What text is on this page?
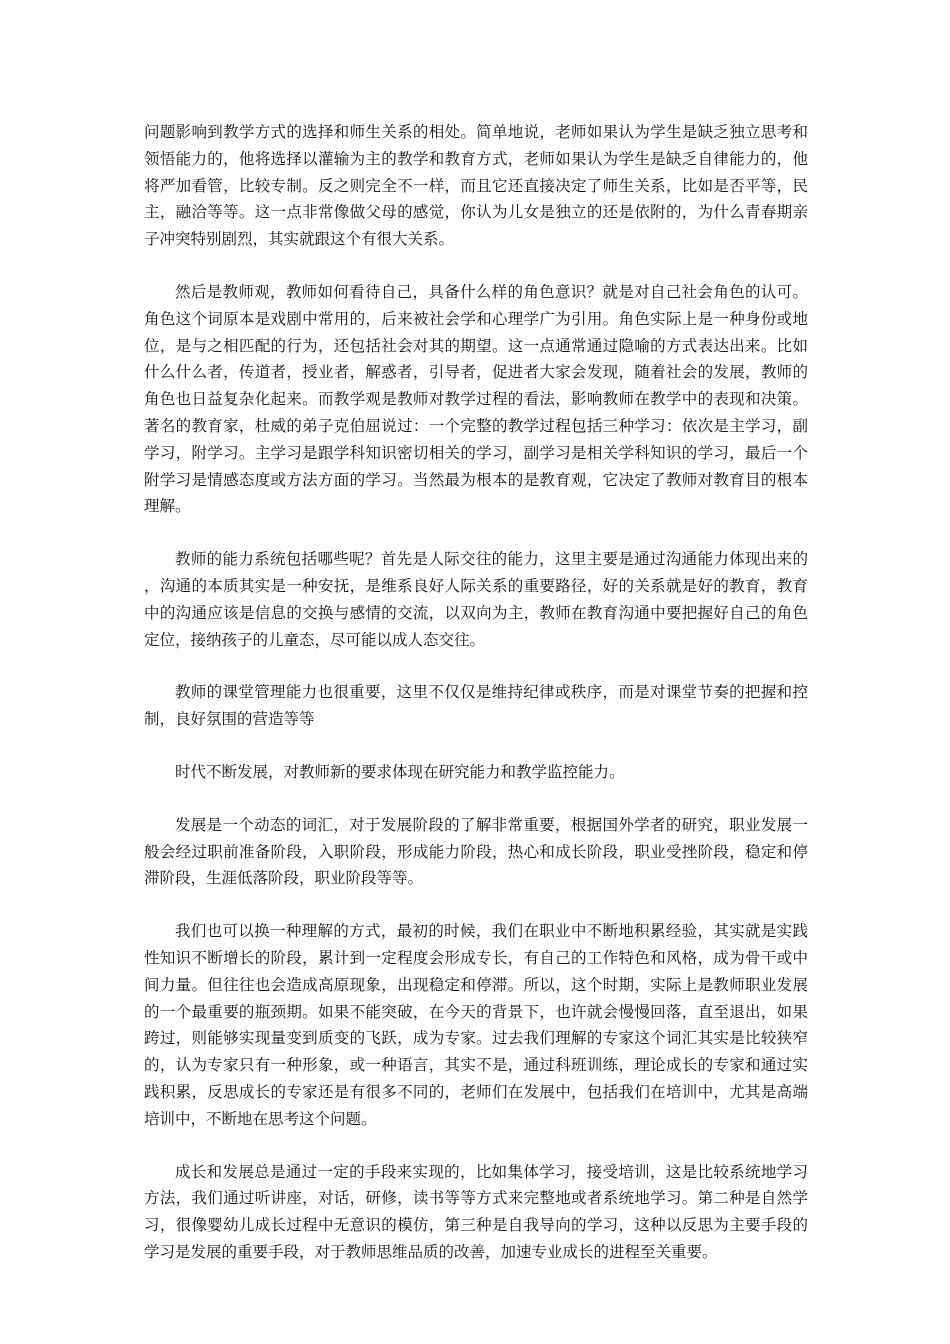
问题影响到教学方式的选择和师生关系的相处。简单地说，老师如果认为学生是缺乏独立思考和领悟能力的，他将选择以灌输为主的教学和教育方式，老师如果认为学生是缺乏自律能力的，他将严加看管，比较专制。反之则完全不一样，而且它还直接决定了师生关系，比如是否平等，民主，融洽等等。这一点非常像做父母的感觉，你认为儿女是独立的还是依附的，为什么青春期亲子冲突特别剧烈，其实就跟这个有很大关系。

然后是教师观，教师如何看待自己，具备什么样的角色意识？就是对自己社会角色的认可。角色这个词原本是戏剧中常用的，后来被社会学和心理学广为引用。角色实际上是一种身份或地位，是与之相匹配的行为，还包括社会对其的期望。这一点通常通过隐喻的方式表达出来。比如什么什么者，传道者，授业者，解惑者，引导者，促进者大家会发现，随着社会的发展，教师的角色也日益复杂化起来。而教学观是教师对教学过程的看法，影响教师在教学中的表现和决策。著名的教育家，杜威的弟子克伯屈说过：一个完整的教学过程包括三种学习：依次是主学习，副学习，附学习。主学习是跟学科知识密切相关的学习，副学习是相关学科知识的学习，最后一个附学习是情感态度或方法方面的学习。当然最为根本的是教育观，它决定了教师对教育目的根本理解。

教师的能力系统包括哪些呢？首先是人际交往的能力，这里主要是通过沟通能力体现出来的，沟通的本质其实是一种安抚，是维系良好人际关系的重要路径，好的关系就是好的教育，教育中的沟通应该是信息的交换与感情的交流，以双向为主，教师在教育沟通中要把握好自己的角色定位，接纳孩子的儿童态，尽可能以成人态交往。

教师的课堂管理能力也很重要，这里不仅仅是维持纪律或秩序，而是对课堂节奏的把握和控制，良好氛围的营造等等

时代不断发展，对教师新的要求体现在研究能力和教学监控能力。

发展是一个动态的词汇，对于发展阶段的了解非常重要，根据国外学者的研究，职业发展一般会经过职前准备阶段，入职阶段，形成能力阶段，热心和成长阶段，职业受挫阶段，稳定和停滞阶段，生涯低落阶段，职业阶段等等。

我们也可以换一种理解的方式，最初的时候，我们在职业中不断地积累经验，其实就是实践性知识不断增长的阶段，累计到一定程度会形成专长，有自己的工作特色和风格，成为骨干或中间力量。但往往也会造成高原现象，出现稳定和停滞。所以，这个时期，实际上是教师职业发展的一个最重要的瓶颈期。如果不能突破，在今天的背景下，也许就会慢慢回落，直至退出，如果跨过，则能够实现量变到质变的飞跃，成为专家。过去我们理解的专家这个词汇其实是比较狭窄的，认为专家只有一种形象，或一种语言，其实不是，通过科班训练，理论成长的专家和通过实践积累，反思成长的专家还是有很多不同的，老师们在发展中，包括我们在培训中，尤其是高端培训中，不断地在思考这个问题。

成长和发展总是通过一定的手段来实现的，比如集体学习，接受培训，这是比较系统地学习方法，我们通过听讲座，对话，研修，读书等等方式来完整地或者系统地学习。第二种是自然学习，很像婴幼儿成长过程中无意识的模仿，第三种是自我导向的学习，这种以反思为主要手段的学习是发展的重要手段，对于教师思维品质的改善，加速专业成长的进程至关重要。
